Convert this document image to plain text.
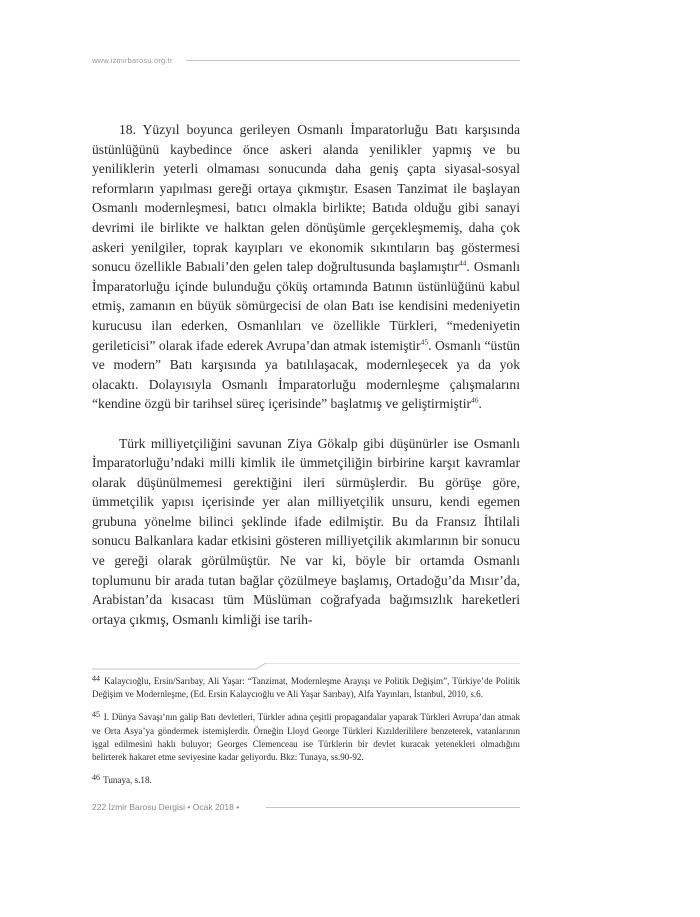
www.izmirbarosu.org.tr

18. Yüzyıl boyunca gerileyen Osmanlı İmparatorluğu Batı karşısında üstünlüğünü kaybedince önce askeri alanda yenilikler yapmış ve bu yeniliklerin yeterli olmaması sonucunda daha geniş çapta siyasal-sosyal reformların yapılması gereği ortaya çıkmıştır. Esasen Tanzimat ile başlayan Osmanlı modernleşmesi, batıcı olmakla birlikte; Batıda olduğu gibi sanayi devrimi ile birlikte ve halktan gelen dönüşümle gerçekleşmemiş, daha çok askeri yenilgiler, toprak kayıpları ve ekonomik sıkıntıların baş göstermesi sonucu özellikle Babıali’den gelen talep doğrultusunda başlamıştır$^{44}$. Osmanlı İmparatorluğu içinde bulunduğu çöküş ortamında Batının üstünlüğünü kabul etmiş, zamanın en büyük sömürgecisi de olan Batı ise kendisini medeniyetin kurucusu ilan ederken, Osmanlıları ve özellikle Türkleri, “medeniyetin gerileticisi” olarak ifade ederek Avrupa’dan atmak istemiştir$^{45}$. Osmanlı “üstün ve modern” Batı karşısında ya batılılaşacak, modernleşecek ya da yok olacaktı. Dolayısıyla Osmanlı İmparatorluğu modernleşme çalışmalarını “kendine özgü bir tarihsel süreç içerisinde” başlatmış ve geliştirmiştir$^{46}$.

Türk milliyetçiliğini savunan Ziya Gökalp gibi düşünürler ise Osmanlı İmparatorluğu’ndaki milli kimlik ile ümmetçiliğin birbirine karşıt kavramlar olarak düşünülmemesi gerektiğini ileri sürmüşlerdir. Bu görüşe göre, ümmetçilik yapısı içerisinde yer alan milliyetçilik unsuru, kendi egemen grubuna yönelme bilinci şeklinde ifade edilmiştir. Bu da Fransız İhtilali sonucu Balkanlara kadar etkisini gösteren milliyetçilik akımlarının bir sonucu ve gereği olarak görülmüştür. Ne var ki, böyle bir ortamda Osmanlı toplumunu bir arada tutan bağlar çözülmeye başlamış, Ortadoğu’da Mısır’da, Arabistan’da kısacası tüm Müslüman coğrafyada bağımsızlık hareketleri ortaya çıkmış, Osmanlı kimliği ise tarih-

44 Kalaycıoğlu, Ersin/Sarıbay, Ali Yaşar: “Tanzimat, Modernleşme Arayışı ve Politik Değişim”, Türkiye’de Politik Değişim ve Modernleşme, (Ed. Ersin Kalaycıoğlu ve Ali Yaşar Sarıbay), Alfa Yayınları, İstanbul, 2010, s.6.

45 I. Dünya Savaşı’nın galip Batı devletleri, Türkler adına çeşitli propagandalar yaparak Türkleri Avrupa’dan atmak ve Orta Asya’ya göndermek istemişlerdir. Örneğin Lloyd George Türkleri Kızılderililere benzeterek, vatanlarının işgal edilmesini haklı buluyor; Georges Clemenceau ise Türklerin bir devlet kuracak yetenekleri olmadığını belirterek hakaret etme seviyesine kadar geliyordu. Bkz: Tunaya, ss.90-92.

46 Tunaya, s.18.

222 İzmir Barosu Dergisi • Ocak 2018 •
